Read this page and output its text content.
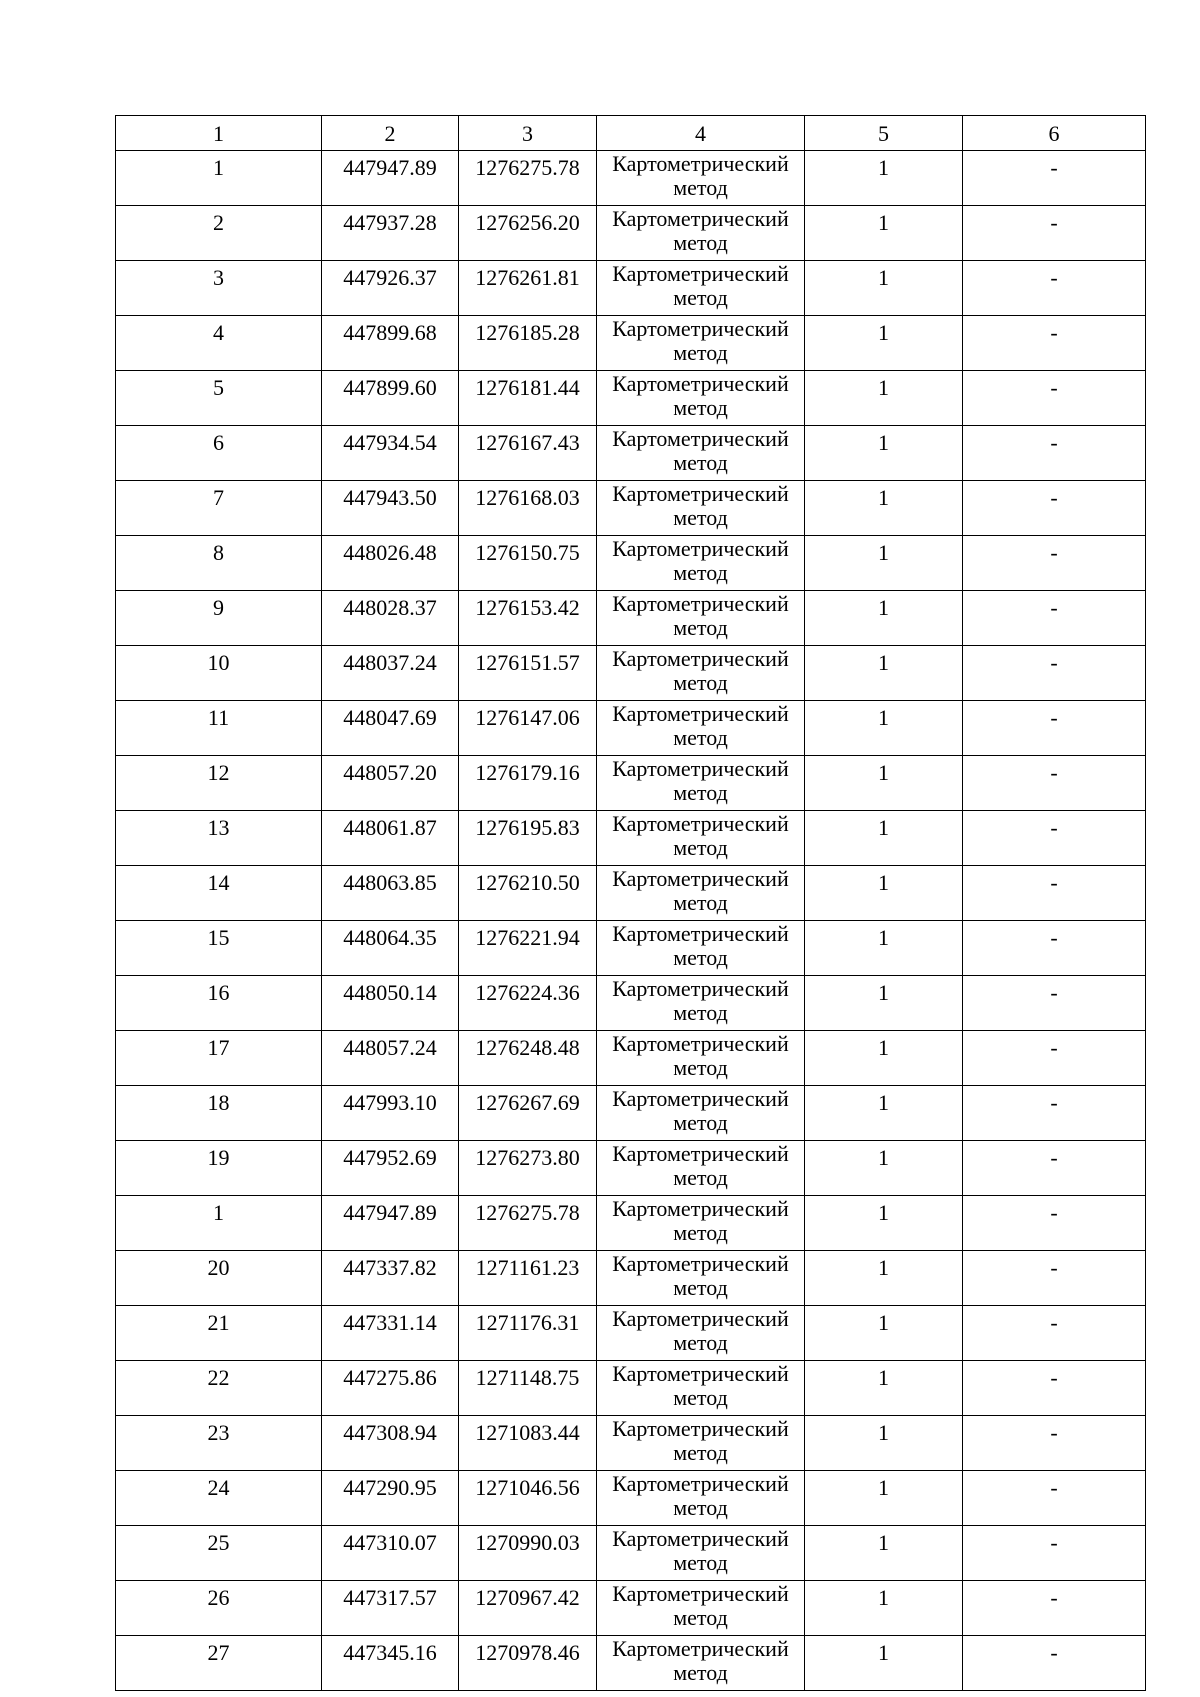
1	2	3	4	5	6
1	447947.89	1276275.78	Картометрический
метод	1	-
2	447937.28	1276256.20	Картометрический
метод	1	-
3	447926.37	1276261.81	Картометрический
метод	1	-
4	447899.68	1276185.28	Картометрический
метод	1	-
5	447899.60	1276181.44	Картометрический
метод	1	-
6	447934.54	1276167.43	Картометрический
метод	1	-
7	447943.50	1276168.03	Картометрический
метод	1	-
8	448026.48	1276150.75	Картометрический
метод	1	-
9	448028.37	1276153.42	Картометрический
метод	1	-
10	448037.24	1276151.57	Картометрический
метод	1	-
11	448047.69	1276147.06	Картометрический
метод	1	-
12	448057.20	1276179.16	Картометрический
метод	1	-
13	448061.87	1276195.83	Картометрический
метод	1	-
14	448063.85	1276210.50	Картометрический
метод	1	-
15	448064.35	1276221.94	Картометрический
метод	1	-
16	448050.14	1276224.36	Картометрический
метод	1	-
17	448057.24	1276248.48	Картометрический
метод	1	-
18	447993.10	1276267.69	Картометрический
метод	1	-
19	447952.69	1276273.80	Картометрический
метод	1	-
1	447947.89	1276275.78	Картометрический
метод	1	-
20	447337.82	1271161.23	Картометрический
метод	1	-
21	447331.14	1271176.31	Картометрический
метод	1	-
22	447275.86	1271148.75	Картометрический
метод	1	-
23	447308.94	1271083.44	Картометрический
метод	1	-
24	447290.95	1271046.56	Картометрический
метод	1	-
25	447310.07	1270990.03	Картометрический
метод	1	-
26	447317.57	1270967.42	Картометрический
метод	1	-
27	447345.16	1270978.46	Картометрический
метод	1	-
